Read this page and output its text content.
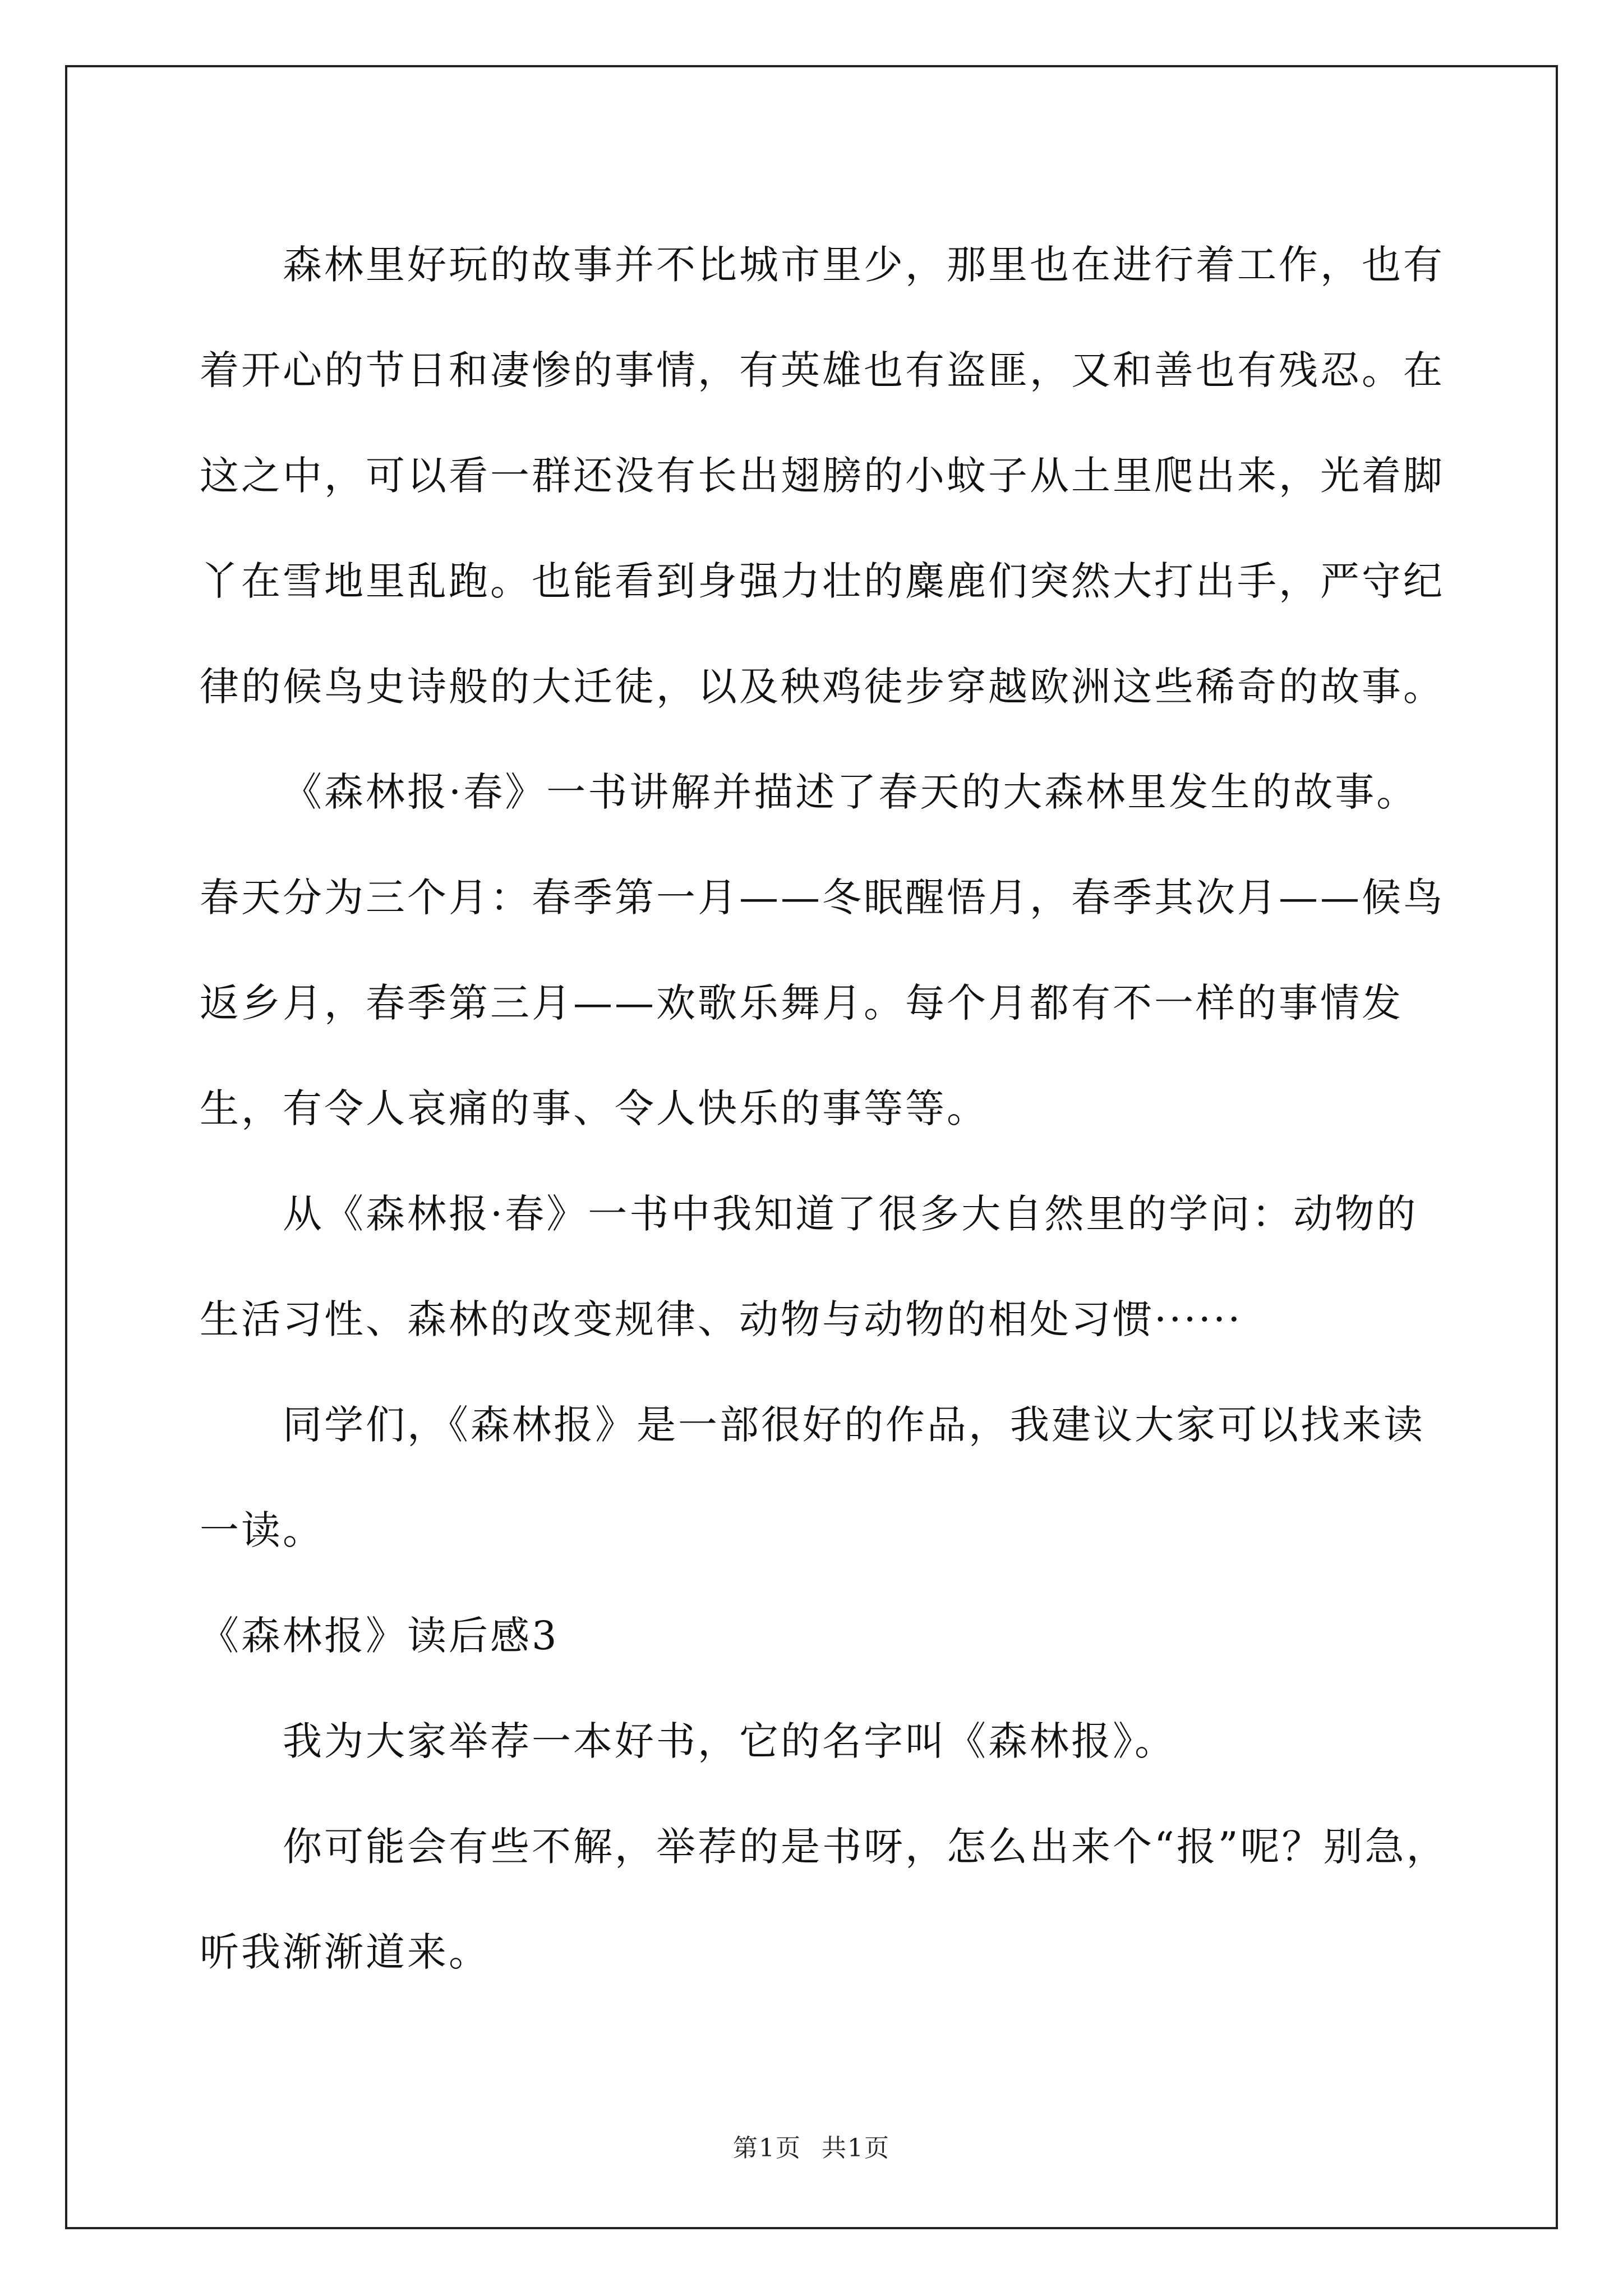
森林里好玩的故事并不比城市里少，那里也在进行着工作，也有着开心的节日和凄惨的事情，有英雄也有盗匪，又和善也有残忍。在这之中，可以看一群还没有长出翅膀的小蚊子从土里爬出来，光着脚丫在雪地里乱跑。也能看到身强力壮的麋鹿们突然大打出手，严守纪律的候鸟史诗般的大迁徒，以及秧鸡徒步穿越欧洲这些稀奇的故事。

《森林报·春》一书讲解并描述了春天的大森林里发生的故事。春天分为三个月：春季第一月——冬眠醒悟月，春季其次月——候鸟返乡月，春季第三月——欢歌乐舞月。每个月都有不一样的事情发生，有令人哀痛的事、令人快乐的事等等。

从《森林报·春》一书中我知道了很多大自然里的学问：动物的生活习性、森林的改变规律、动物与动物的相处习惯······

同学们，《森林报》是一部很好的作品，我建议大家可以找来读一读。

《森林报》读后感3

我为大家举荐一本好书，它的名字叫《森林报》。

你可能会有些不解，举荐的是书呀，怎么出来个“报”呢？别急，听我渐渐道来。

第1页 共1页
